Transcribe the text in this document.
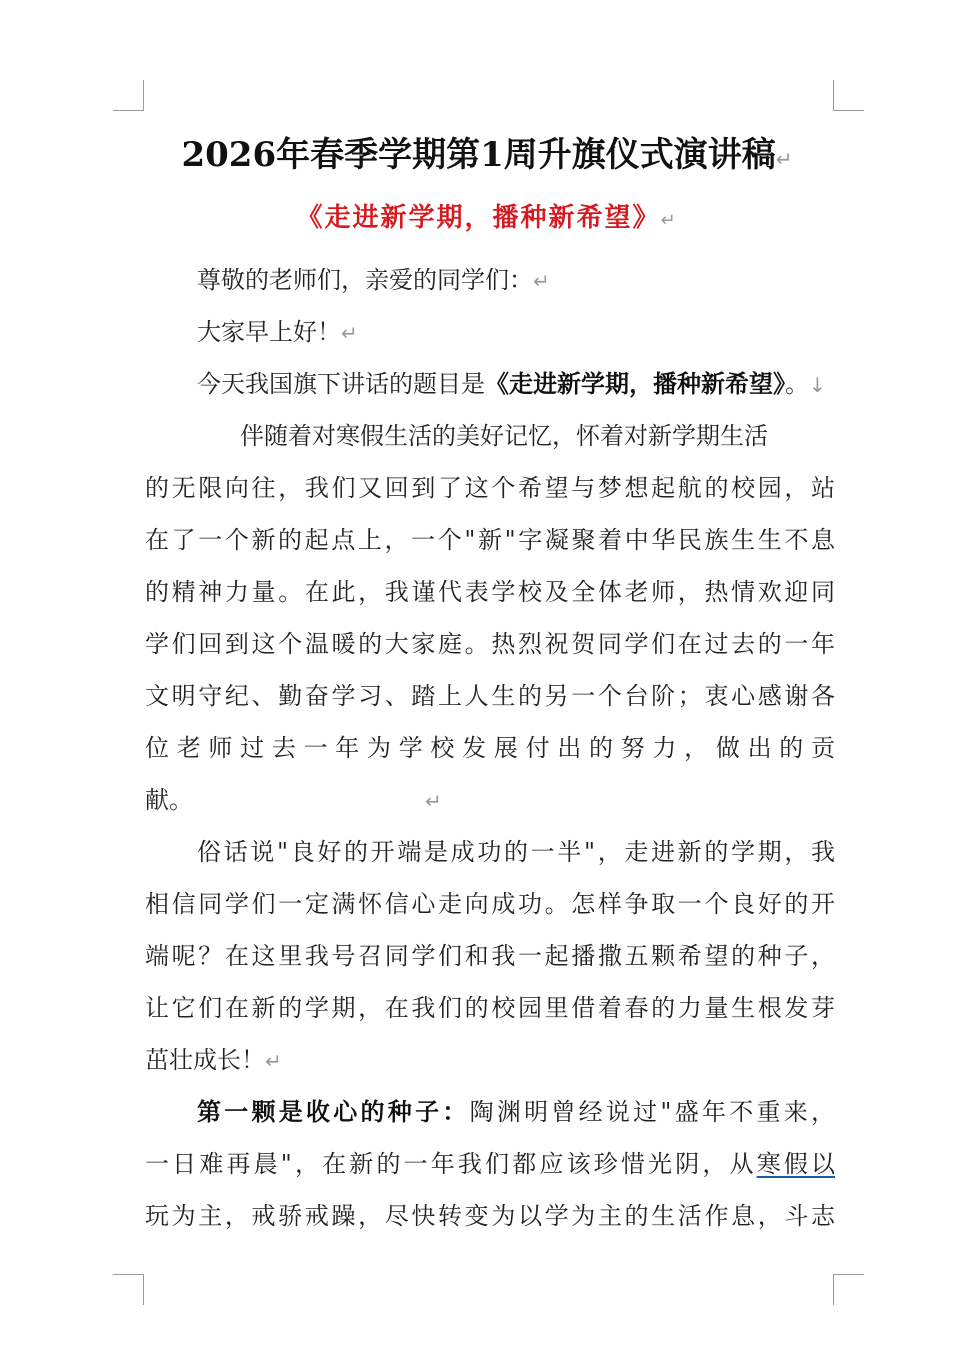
2026年春季学期第1周升旗仪式演讲稿↵
《走进新学期，播种新希望》↵
尊敬的老师们，亲爱的同学们：↵
大家早上好！↵
今天我国旗下讲话的题目是《走进新学期，播种新希望》。↓
伴随着对寒假生活的美好记忆，怀着对新学期生活
的无限向往，我们又回到了这个希望与梦想起航的校园，站
在了一个新的起点上，一个"新"字凝聚着中华民族生生不息
的精神力量。在此，我谨代表学校及全体老师，热情欢迎同
学们回到这个温暖的大家庭。热烈祝贺同学们在过去的一年
文明守纪、勤奋学习、踏上人生的另一个台阶；衷心感谢各
位老师过去一年为学校发展付出的努力，做出的贡
献。	↵
俗话说"良好的开端是成功的一半"，走进新的学期，我
相信同学们一定满怀信心走向成功。怎样争取一个良好的开
端呢？在这里我号召同学们和我一起播撒五颗希望的种子，
让它们在新的学期，在我们的校园里借着春的力量生根发芽
茁壮成长！↵
第一颗是收心的种子：陶渊明曾经说过"盛年不重来，
一日难再晨"，在新的一年我们都应该珍惜光阴，从寒假以
玩为主，戒骄戒躁，尽快转变为以学为主的生活作息，斗志
